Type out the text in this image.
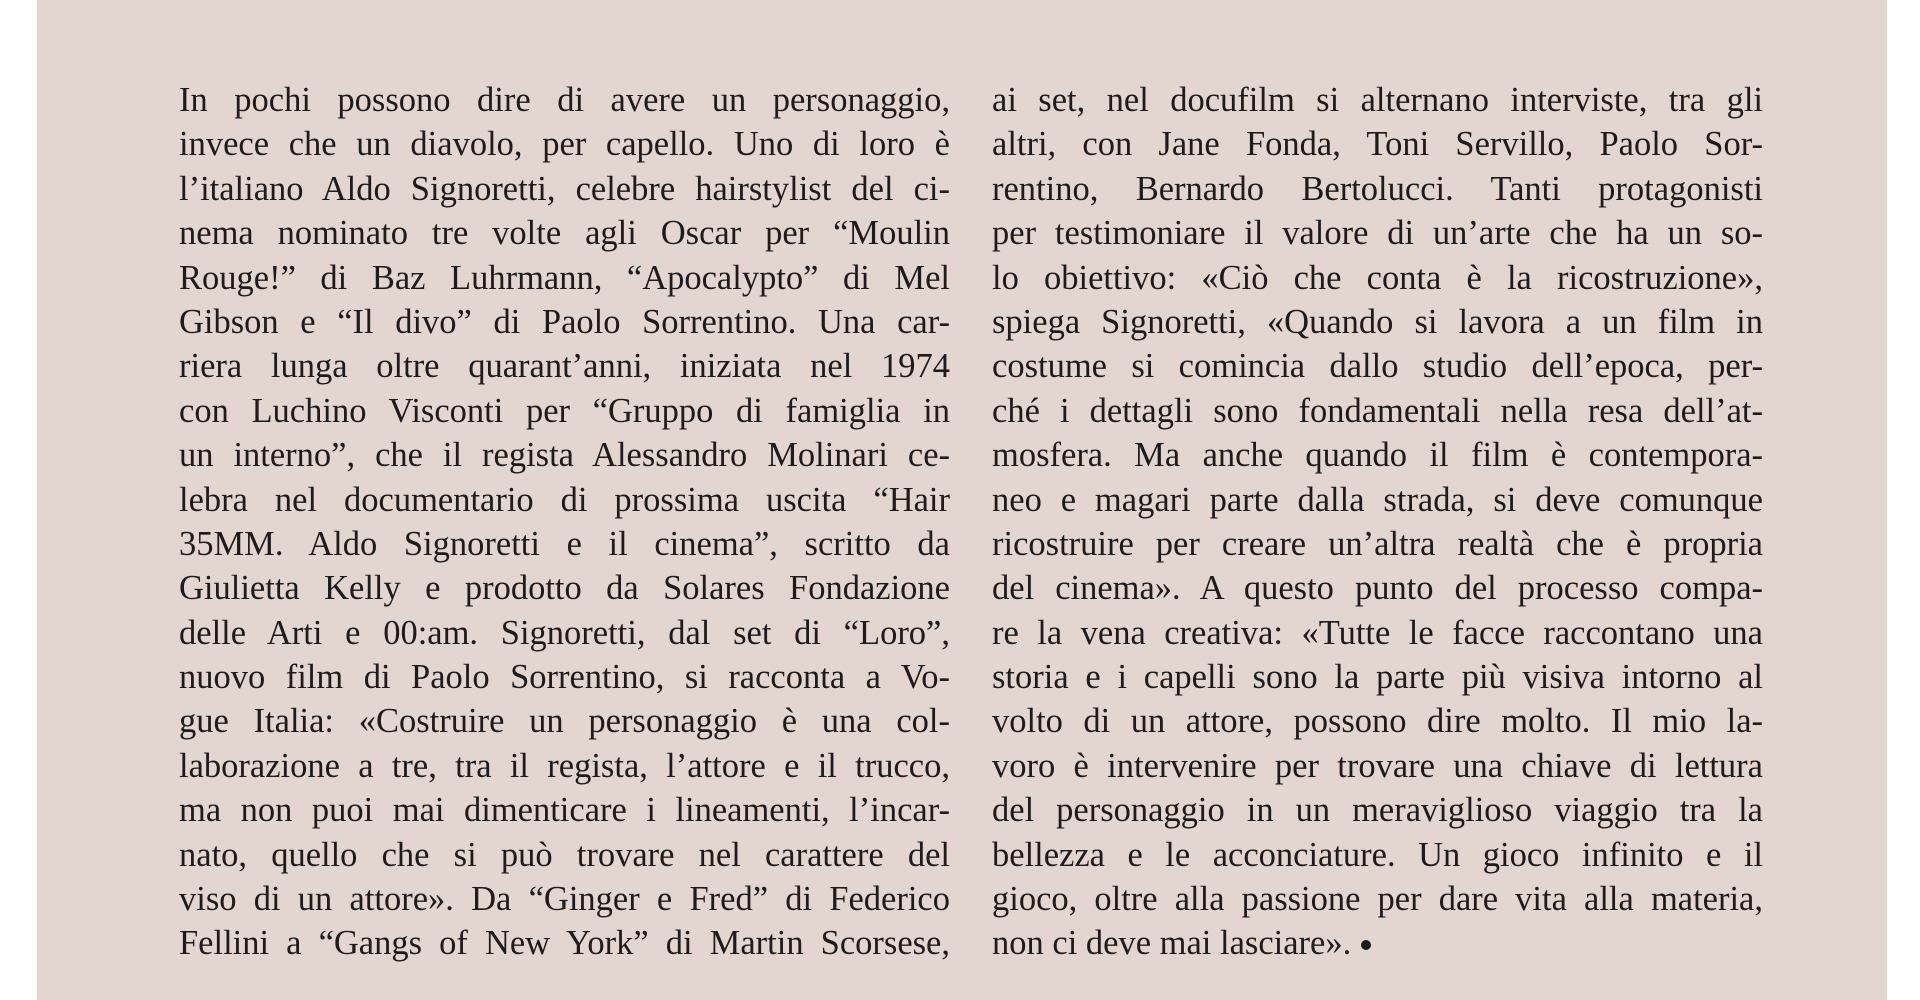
In pochi possono dire di avere un personaggio,
invece che un diavolo, per capello. Uno di loro è
l’italiano Aldo Signoretti, celebre hairstylist del ci-
nema nominato tre volte agli Oscar per “Moulin
Rouge!” di Baz Luhrmann, “Apocalypto” di Mel
Gibson e “Il divo” di Paolo Sorrentino. Una car-
riera lunga oltre quarant’anni, iniziata nel 1974
con Luchino Visconti per “Gruppo di famiglia in
un interno”, che il regista Alessandro Molinari ce-
lebra nel documentario di prossima uscita “Hair
35MM. Aldo Signoretti e il cinema”, scritto da
Giulietta Kelly e prodotto da Solares Fondazione
delle Arti e 00:am. Signoretti, dal set di “Loro”,
nuovo film di Paolo Sorrentino, si racconta a Vo-
gue Italia: «Costruire un personaggio è una col-
laborazione a tre, tra il regista, l’attore e il trucco,
ma non puoi mai dimenticare i lineamenti, l’incar-
nato, quello che si può trovare nel carattere del
viso di un attore». Da “Ginger e Fred” di Federico
Fellini a “Gangs of New York” di Martin Scorsese,
ai set, nel docufilm si alternano interviste, tra gli
altri, con Jane Fonda, Toni Servillo, Paolo Sor-
rentino, Bernardo Bertolucci. Tanti protagonisti
per testimoniare il valore di un’arte che ha un so-
lo obiettivo: «Ciò che conta è la ricostruzione»,
spiega Signoretti, «Quando si lavora a un film in
costume si comincia dallo studio dell’epoca, per-
ché i dettagli sono fondamentali nella resa dell’at-
mosfera. Ma anche quando il film è contempora-
neo e magari parte dalla strada, si deve comunque
ricostruire per creare un’altra realtà che è propria
del cinema». A questo punto del processo compa-
re la vena creativa: «Tutte le facce raccontano una
storia e i capelli sono la parte più visiva intorno al
volto di un attore, possono dire molto. Il mio la-
voro è intervenire per trovare una chiave di lettura
del personaggio in un meraviglioso viaggio tra la
bellezza e le acconciature. Un gioco infinito e il
gioco, oltre alla passione per dare vita alla materia,
non ci deve mai lasciare».
